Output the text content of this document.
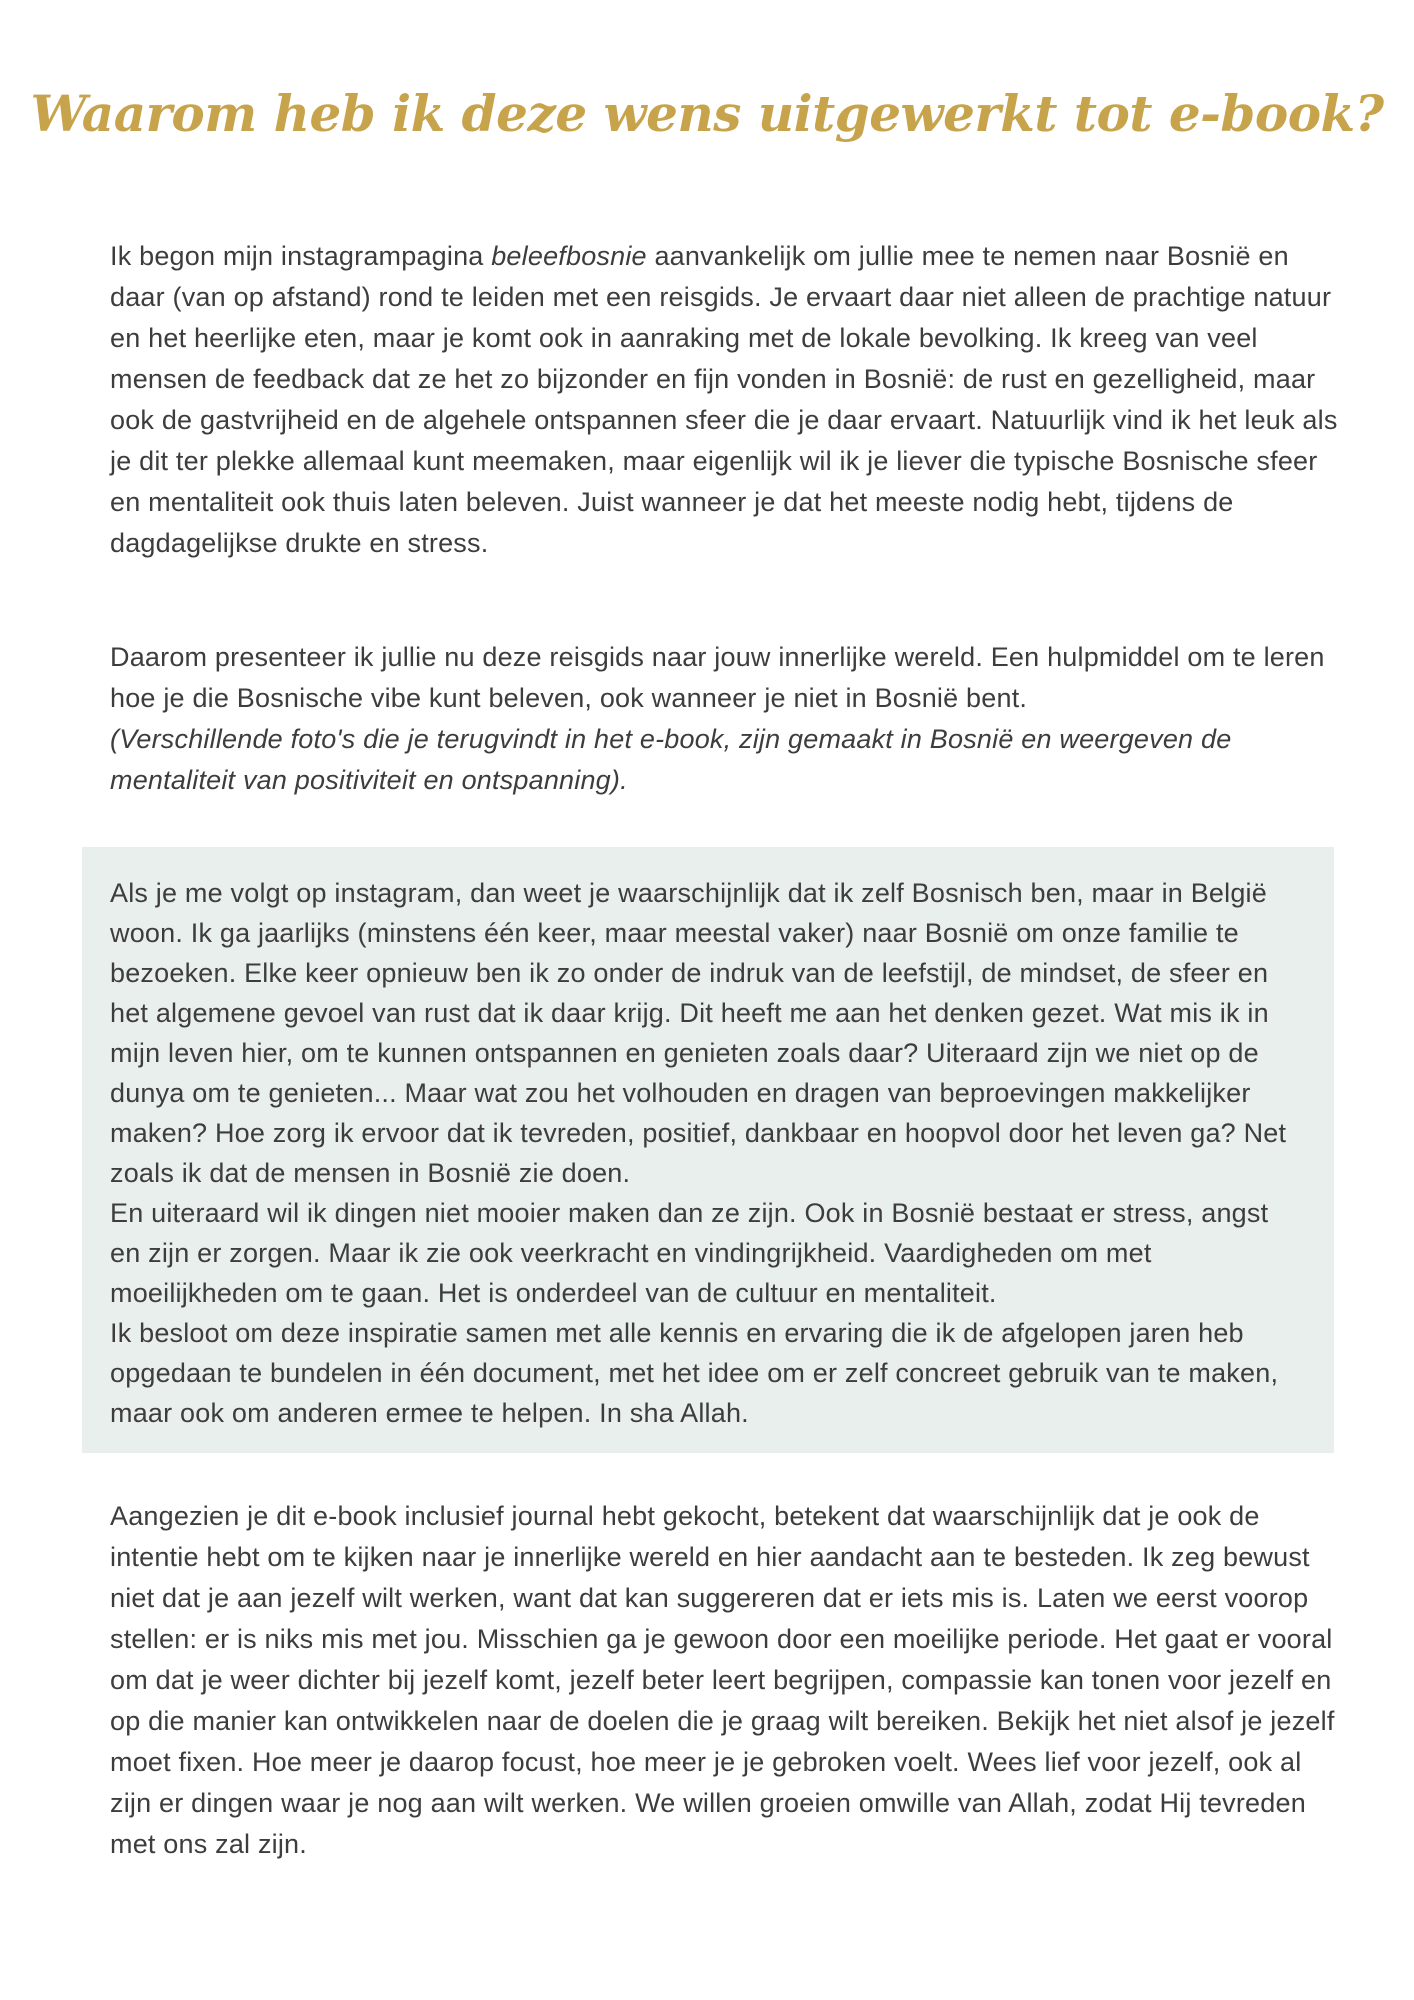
Waarom heb ik deze wens uitgewerkt tot e-book?

Ik begon mijn instagrampagina beleefbosnie aanvankelijk om jullie mee te nemen naar Bosnië en daar (van op afstand) rond te leiden met een reisgids. Je ervaart daar niet alleen de prachtige natuur en het heerlijke eten, maar je komt ook in aanraking met de lokale bevolking. Ik kreeg van veel mensen de feedback dat ze het zo bijzonder en fijn vonden in Bosnië: de rust en gezelligheid, maar ook de gastvrijheid en de algehele ontspannen sfeer die je daar ervaart. Natuurlijk vind ik het leuk als je dit ter plekke allemaal kunt meemaken, maar eigenlijk wil ik je liever die typische Bosnische sfeer en mentaliteit ook thuis laten beleven. Juist wanneer je dat het meeste nodig hebt, tijdens de dagdagelijkse drukte en stress.

Daarom presenteer ik jullie nu deze reisgids naar jouw innerlijke wereld. Een hulpmiddel om te leren hoe je die Bosnische vibe kunt beleven, ook wanneer je niet in Bosnië bent.
(Verschillende foto's die je terugvindt in het e-book, zijn gemaakt in Bosnië en weergeven de mentaliteit van positiviteit en ontspanning).

Als je me volgt op instagram, dan weet je waarschijnlijk dat ik zelf Bosnisch ben, maar in België woon. Ik ga jaarlijks (minstens één keer, maar meestal vaker) naar Bosnië om onze familie te bezoeken. Elke keer opnieuw ben ik zo onder de indruk van de leefstijl, de mindset, de sfeer en het algemene gevoel van rust dat ik daar krijg. Dit heeft me aan het denken gezet. Wat mis ik in mijn leven hier, om te kunnen ontspannen en genieten zoals daar? Uiteraard zijn we niet op de dunya om te genieten... Maar wat zou het volhouden en dragen van beproevingen makkelijker maken? Hoe zorg ik ervoor dat ik tevreden, positief, dankbaar en hoopvol door het leven ga? Net zoals ik dat de mensen in Bosnië zie doen.

En uiteraard wil ik dingen niet mooier maken dan ze zijn. Ook in Bosnië bestaat er stress, angst en zijn er zorgen. Maar ik zie ook veerkracht en vindingrijkheid. Vaardigheden om met moeilijkheden om te gaan. Het is onderdeel van de cultuur en mentaliteit.

Ik besloot om deze inspiratie samen met alle kennis en ervaring die ik de afgelopen jaren heb opgedaan te bundelen in één document, met het idee om er zelf concreet gebruik van te maken, maar ook om anderen ermee te helpen. In sha Allah.

Aangezien je dit e-book inclusief journal hebt gekocht, betekent dat waarschijnlijk dat je ook de intentie hebt om te kijken naar je innerlijke wereld en hier aandacht aan te besteden. Ik zeg bewust niet dat je aan jezelf wilt werken, want dat kan suggereren dat er iets mis is. Laten we eerst voorop stellen: er is niks mis met jou. Misschien ga je gewoon door een moeilijke periode. Het gaat er vooral om dat je weer dichter bij jezelf komt, jezelf beter leert begrijpen, compassie kan tonen voor jezelf en op die manier kan ontwikkelen naar de doelen die je graag wilt bereiken. Bekijk het niet alsof je jezelf moet fixen. Hoe meer je daarop focust, hoe meer je je gebroken voelt. Wees lief voor jezelf, ook al zijn er dingen waar je nog aan wilt werken. We willen groeien omwille van Allah, zodat Hij tevreden met ons zal zijn.
